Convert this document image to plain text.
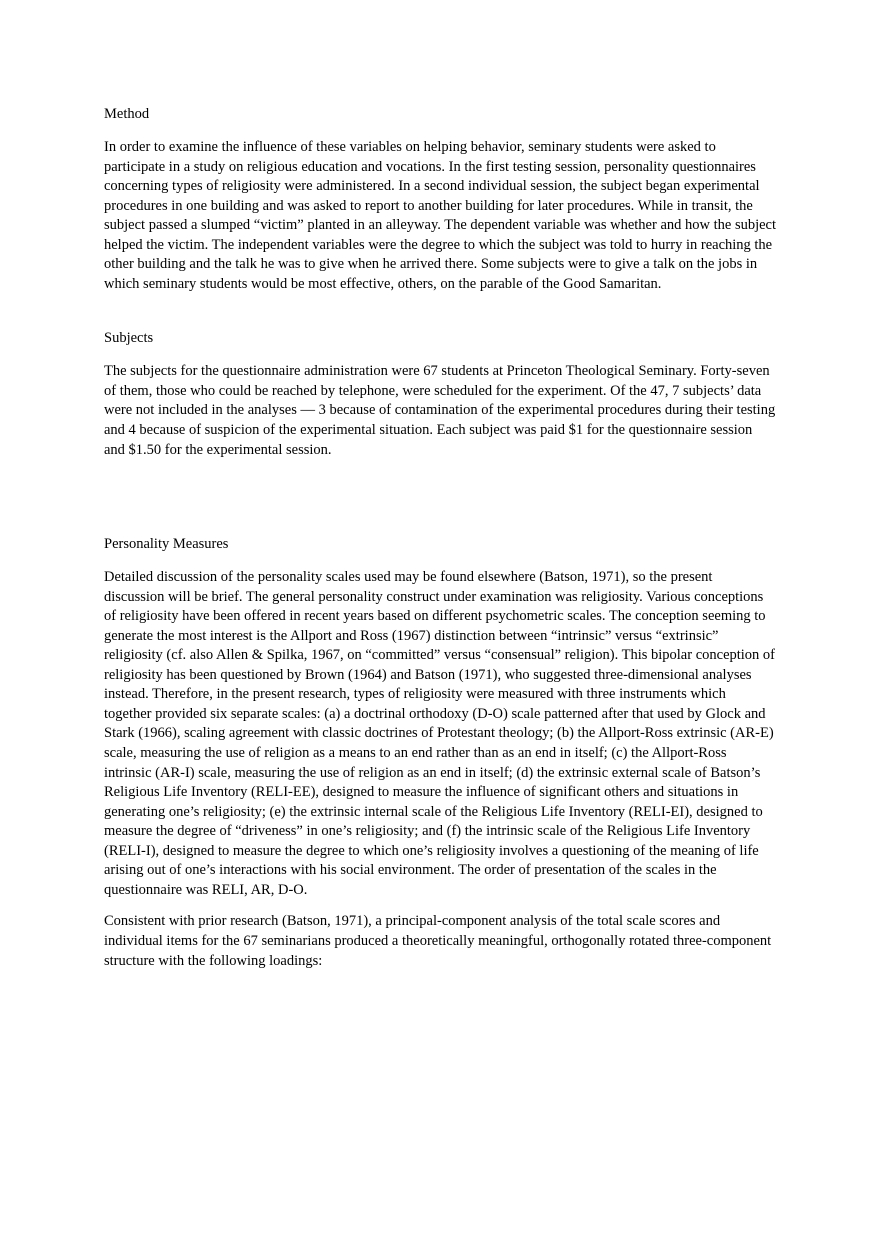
Method

In order to examine the influence of these variables on helping behavior, seminary students were asked to participate in a study on religious education and vocations. In the first testing session, personality questionnaires concerning types of religiosity were administered. In a second individual session, the subject began experimental procedures in one building and was asked to report to another building for later procedures. While in transit, the subject passed a slumped “victim” planted in an alleyway. The dependent variable was whether and how the subject helped the victim. The independent variables were the degree to which the subject was told to hurry in reaching the other building and the talk he was to give when he arrived there. Some subjects were to give a talk on the jobs in which seminary students would be most effective, others, on the parable of the Good Samaritan.

Subjects

The subjects for the questionnaire administration were 67 students at Princeton Theological Seminary. Forty-seven of them, those who could be reached by telephone, were scheduled for the experiment. Of the 47, 7 subjects’ data were not included in the analyses — 3 because of contamination of the experimental procedures during their testing and 4 because of suspicion of the experimental situation. Each subject was paid $1 for the questionnaire session and $1.50 for the experimental session.

Personality Measures

Detailed discussion of the personality scales used may be found elsewhere (Batson, 1971), so the present discussion will be brief. The general personality construct under examination was religiosity. Various conceptions of religiosity have been offered in recent years based on different psychometric scales. The conception seeming to generate the most interest is the Allport and Ross (1967) distinction between “intrinsic” versus “extrinsic” religiosity (cf. also Allen & Spilka, 1967, on “committed” versus “consensual” religion). This bipolar conception of religiosity has been questioned by Brown (1964) and Batson (1971), who suggested three-dimensional analyses instead. Therefore, in the present research, types of religiosity were measured with three instruments which together provided six separate scales: (a) a doctrinal orthodoxy (D-O) scale patterned after that used by Glock and Stark (1966), scaling agreement with classic doctrines of Protestant theology; (b) the Allport-Ross extrinsic (AR-E) scale, measuring the use of religion as a means to an end rather than as an end in itself; (c) the Allport-Ross intrinsic (AR-I) scale, measuring the use of religion as an end in itself; (d) the extrinsic external scale of Batson’s Religious Life Inventory (RELI-EE), designed to measure the influence of significant others and situations in generating one’s religiosity; (e) the extrinsic internal scale of the Religious Life Inventory (RELI-EI), designed to measure the degree of “driveness” in one’s religiosity; and (f) the intrinsic scale of the Religious Life Inventory (RELI-I), designed to measure the degree to which one’s religiosity involves a questioning of the meaning of life arising out of one’s interactions with his social environment. The order of presentation of the scales in the questionnaire was RELI, AR, D-O.

Consistent with prior research (Batson, 1971), a principal-component analysis of the total scale scores and individual items for the 67 seminarians produced a theoretically meaningful, orthogonally rotated three-component structure with the following loadings:
